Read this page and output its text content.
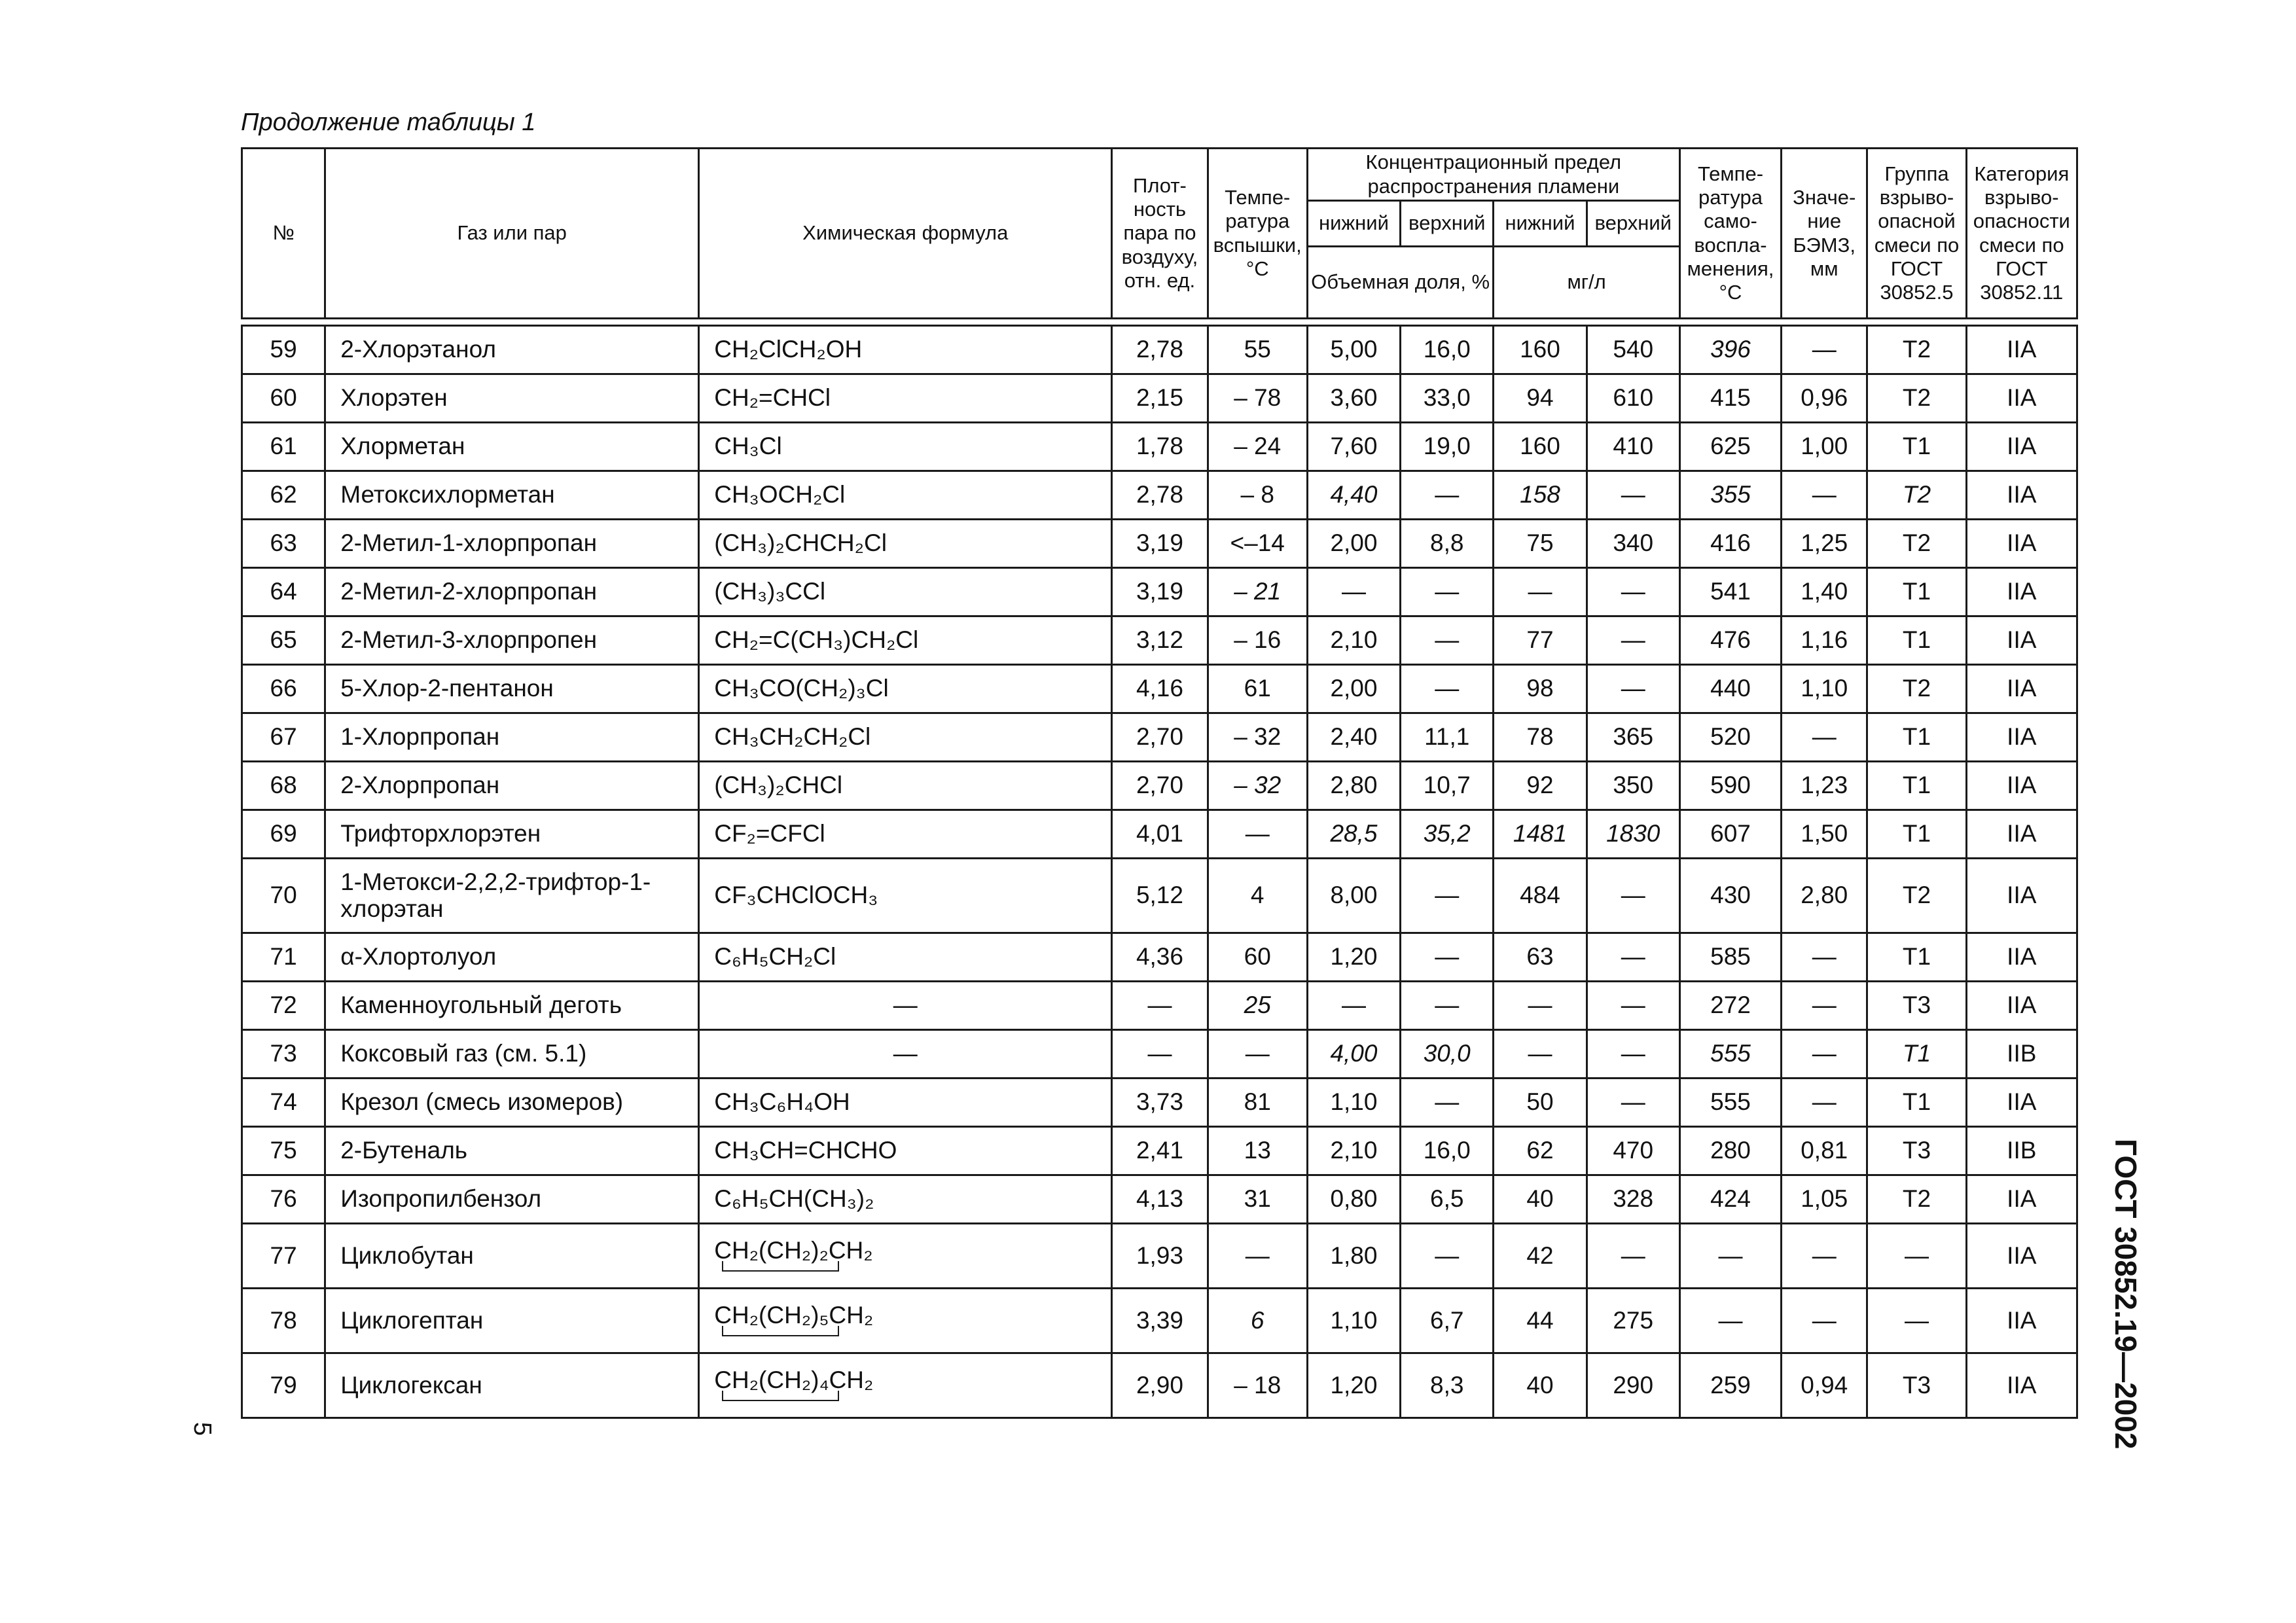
Продолжение таблицы 1
№	Газ или пар	Химическая формула	Плот-ность пара по воздуху, отн. ед.	Темпе-ратура вспышки, °С	Концентрационный предел распространения пламени				Темпе-ратура само-воспла-менения, °С	Значе-ние БЭМЗ, мм	Группа взрыво-опасной смеси по ГОСТ 30852.5	Категория взрыво-опасности смеси по ГОСТ 30852.11
					нижний	верхний	нижний	верхний				
					Объемная доля, %		мг/л					

59	2-Хлорэтанол	CH₂ClCH₂OH	2,78	55	5,00	16,0	160	540	396	—	T2	IIA
60	Хлорэтен	CH₂=CHCl	2,15	– 78	3,60	33,0	94	610	415	0,96	T2	IIA
61	Хлорметан	CH₃Cl	1,78	– 24	7,60	19,0	160	410	625	1,00	T1	IIA
62	Метоксихлорметан	CH₃OCH₂Cl	2,78	– 8	4,40	—	158	—	355	—	T2	IIA
63	2-Метил-1-хлорпропан	(CH₃)₂CHCH₂Cl	3,19	<–14	2,00	8,8	75	340	416	1,25	T2	IIA
64	2-Метил-2-хлорпропан	(CH₃)₃CCl	3,19	– 21	—	—	—	—	541	1,40	T1	IIA
65	2-Метил-3-хлорпропен	CH₂=C(CH₃)CH₂Cl	3,12	– 16	2,10	—	77	—	476	1,16	T1	IIA
66	5-Хлор-2-пентанон	CH₃CO(CH₂)₃Cl	4,16	61	2,00	—	98	—	440	1,10	T2	IIA
67	1-Хлорпропан	CH₃CH₂CH₂Cl	2,70	– 32	2,40	11,1	78	365	520	—	T1	IIA
68	2-Хлорпропан	(CH₃)₂CHCl	2,70	– 32	2,80	10,7	92	350	590	1,23	T1	IIA
69	Трифторхлорэтен	CF₂=CFCl	4,01	—	28,5	35,2	1481	1830	607	1,50	T1	IIA
70	1-Метокси-2,2,2-трифтор-1-хлорэтан	CF₃CHClOCH₃	5,12	4	8,00	—	484	—	430	2,80	T2	IIA
71	α-Хлортолуол	C₆H₅CH₂Cl	4,36	60	1,20	—	63	—	585	—	T1	IIA
72	Каменноугольный деготь	—	—	25	—	—	—	—	272	—	T3	IIA
73	Коксовый газ (см. 5.1)	—	—	—	4,00	30,0	—	—	555	—	T1	IIB
74	Крезол (смесь изомеров)	CH₃C₆H₄OH	3,73	81	1,10	—	50	—	555	—	T1	IIA
75	2-Бутеналь	CH₃CH=CHCHO	2,41	13	2,10	16,0	62	470	280	0,81	T3	IIB
76	Изопропилбензол	C₆H₅CH(CH₃)₂	4,13	31	0,80	6,5	40	328	424	1,05	T2	IIA
77	Циклобутан	CH₂(CH₂)₂CH₂	1,93	—	1,80	—	42	—	—	—	—	IIA
78	Циклогептан	CH₂(CH₂)₅CH₂	3,39	6	1,10	6,7	44	275	—	—	—	IIA
79	Циклогексан	CH₂(CH₂)₄CH₂	2,90	– 18	1,20	8,3	40	290	259	0,94	T3	IIA ГОСТ 30852.19—2002
5
